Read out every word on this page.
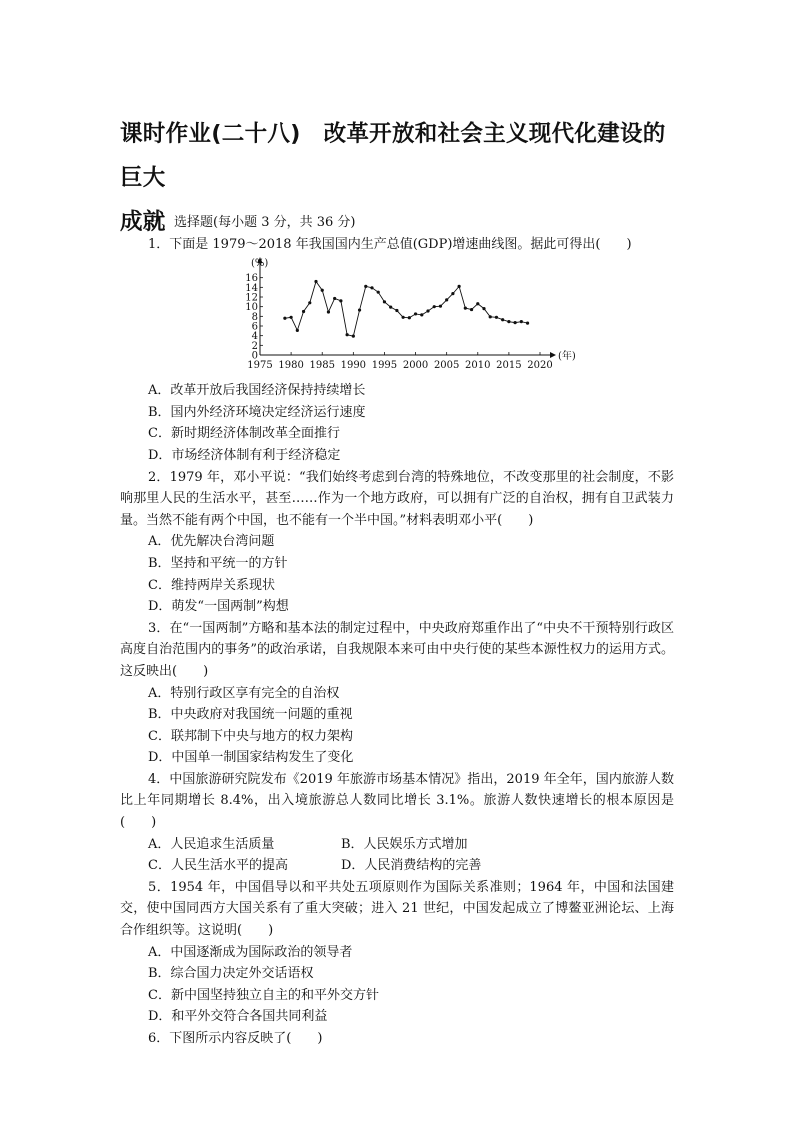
课时作业(二十八)　改革开放和社会主义现代化建设的巨大
成就

一、选择题(每小题 3 分，共 36 分)

1．下面是 1979～2018 年我国国内生产总值(GDP)增速曲线图。据此可得出(　　)

0
2
4
6
8
10
12
14
16
1975 1980 1985 1990 1995 2000 2005 2010 2015 2020
(%)
(年)

A．改革开放后我国经济保持持续增长

B．国内外经济环境决定经济运行速度

C．新时期经济体制改革全面推行

D．市场经济体制有利于经济稳定

2．1979 年，邓小平说：“我们始终考虑到台湾的特殊地位，不改变那里的社会制度，不影响那里人民的生活水平，甚至……作为一个地方政府，可以拥有广泛的自治权，拥有自卫武装力量。当然不能有两个中国，也不能有一个半中国。”材料表明邓小平(　　)

A．优先解决台湾问题

B．坚持和平统一的方针

C．维持两岸关系现状

D．萌发“一国两制”构想

3．在“一国两制”方略和基本法的制定过程中，中央政府郑重作出了“中央不干预特别行政区高度自治范围内的事务”的政治承诺，自我规限本来可由中央行使的某些本源性权力的运用方式。这反映出(　　)

A．特别行政区享有完全的自治权

B．中央政府对我国统一问题的重视

C．联邦制下中央与地方的权力架构

D．中国单一制国家结构发生了变化

4．中国旅游研究院发布《2019 年旅游市场基本情况》指出，2019 年全年，国内旅游人数比上年同期增长 8.4%，出入境旅游总人数同比增长 3.1%。旅游人数快速增长的根本原因是(　　)

A．人民追求生活质量	B．人民娱乐方式增加
C．人民生活水平的提高	D．人民消费结构的完善

5．1954 年，中国倡导以和平共处五项原则作为国际关系准则；1964 年，中国和法国建交，使中国同西方大国关系有了重大突破；进入 21 世纪，中国发起成立了博鳌亚洲论坛、上海合作组织等。这说明(　　)

A．中国逐渐成为国际政治的领导者

B．综合国力决定外交话语权

C．新中国坚持独立自主的和平外交方针

D．和平外交符合各国共同利益

6．下图所示内容反映了(　　)
